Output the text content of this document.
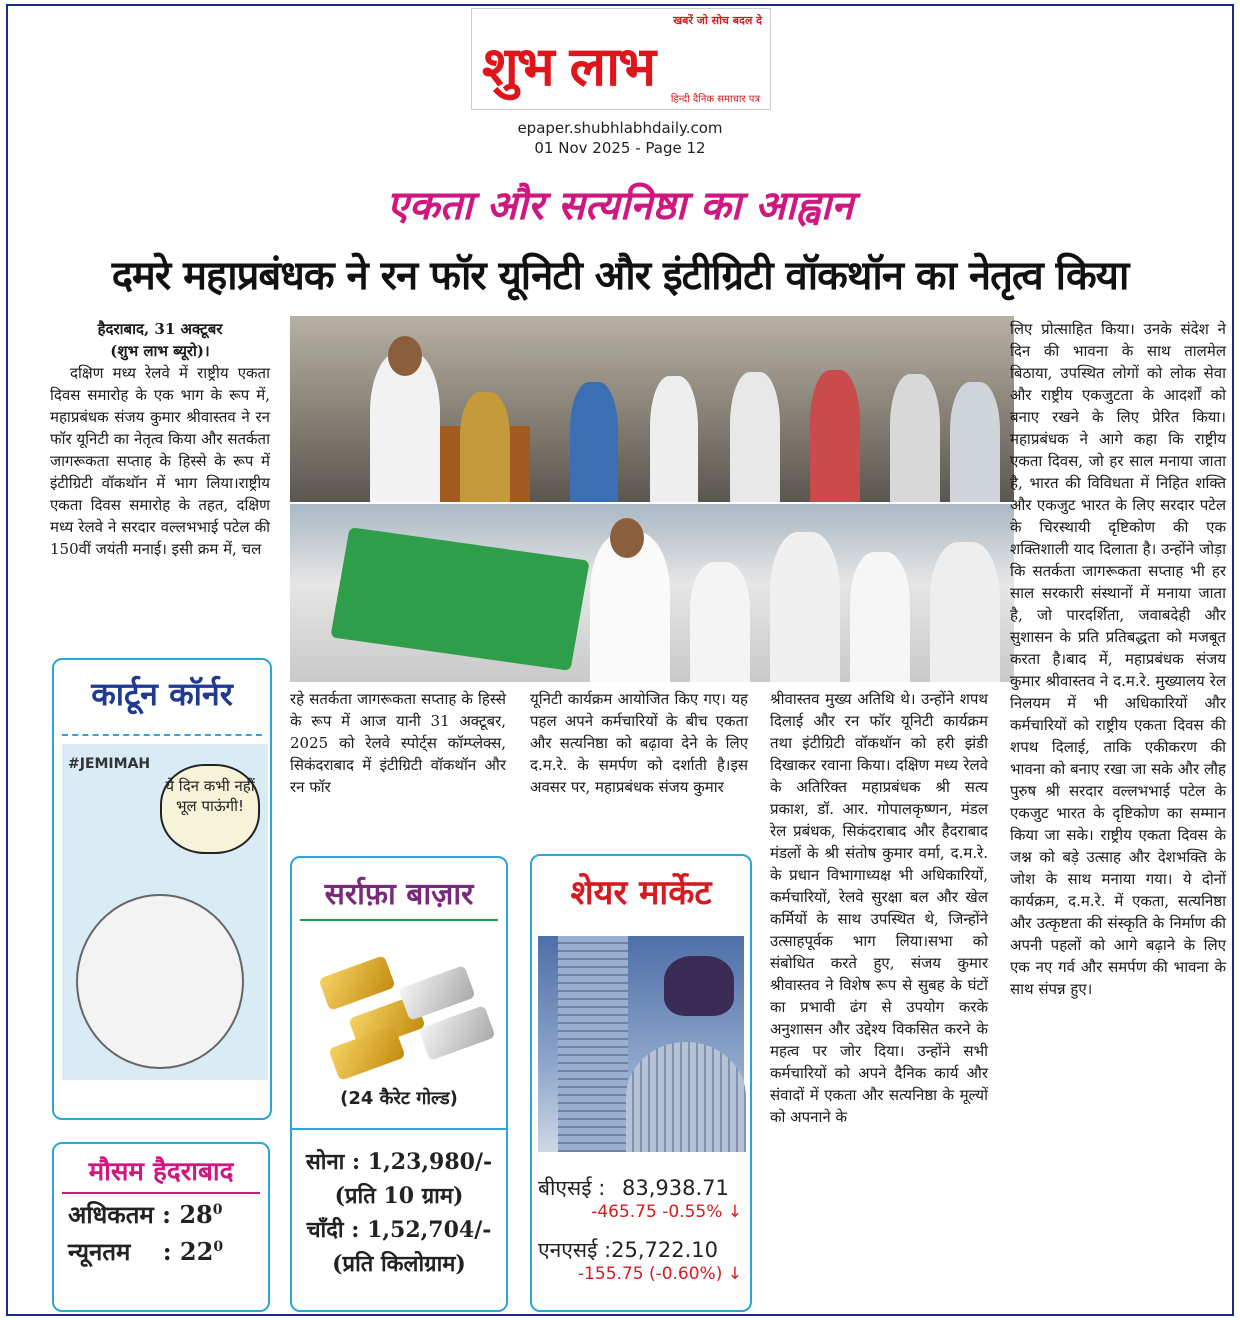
खबरें जो सोच बदल दे
शुभ लाभ
हिन्दी दैनिक समाचार पत्र
epaper.shubhlabhdaily.com
01 Nov 2025 - Page 12
एकता और सत्यनिष्ठा का आह्वान
दमरे महाप्रबंधक ने रन फॉर यूनिटी और इंटीग्रिटी वॉकथॉन का नेतृत्व किया
हैदराबाद, 31 अक्टूबर
(शुभ लाभ ब्यूरो)।
दक्षिण मध्य रेलवे में राष्ट्रीय एकता दिवस समारोह के एक भाग के रूप में, महाप्रबंधक संजय कुमार श्रीवास्तव ने रन फॉर यूनिटी का नेतृत्व किया और सतर्कता जागरूकता सप्ताह के हिस्से के रूप में इंटीग्रिटी वॉकथॉन में भाग लिया।राष्ट्रीय एकता दिवस समारोह के तहत, दक्षिण मध्य रेलवे ने सरदार वल्लभभाई पटेल की 150वीं जयंती मनाई। इसी क्रम में, चल
रहे सतर्कता जागरूकता सप्ताह के हिस्से के रूप में आज यानी 31 अक्टूबर, 2025 को रेलवे स्पोर्ट्स कॉम्प्लेक्स, सिकंदराबाद में इंटीग्रिटी वॉकथॉन और रन फॉर
यूनिटी कार्यक्रम आयोजित किए गए। यह पहल अपने कर्मचारियों के बीच एकता और सत्यनिष्ठा को बढ़ावा देने के लिए द.म.रे. के समर्पण को दर्शाती है।इस अवसर पर, महाप्रबंधक संजय कुमार
श्रीवास्तव मुख्य अतिथि थे। उन्होंने शपथ दिलाई और रन फॉर यूनिटी कार्यक्रम तथा इंटीग्रिटी वॉकथॉन को हरी झंडी दिखाकर रवाना किया। दक्षिण मध्य रेलवे के अतिरिक्त महाप्रबंधक श्री सत्य प्रकाश, डॉ. आर. गोपालकृष्णन, मंडल रेल प्रबंधक, सिकंदराबाद और हैदराबाद मंडलों के श्री संतोष कुमार वर्मा, द.म.रे. के प्रधान विभागाध्यक्ष भी अधिकारियों, कर्मचारियों, रेलवे सुरक्षा बल और खेल कर्मियों के साथ उपस्थित थे, जिन्होंने उत्साहपूर्वक भाग लिया।सभा को संबोधित करते हुए, संजय कुमार श्रीवास्तव ने विशेष रूप से सुबह के घंटों का प्रभावी ढंग से उपयोग करके अनुशासन और उद्देश्य विकसित करने के महत्व पर जोर दिया। उन्होंने सभी कर्मचारियों को अपने दैनिक कार्य और संवादों में एकता और सत्यनिष्ठा के मूल्यों को अपनाने के
लिए प्रोत्साहित किया। उनके संदेश ने दिन की भावना के साथ तालमेल बिठाया, उपस्थित लोगों को लोक सेवा और राष्ट्रीय एकजुटता के आदर्शों को बनाए रखने के लिए प्रेरित किया। महाप्रबंधक ने आगे कहा कि राष्ट्रीय एकता दिवस, जो हर साल मनाया जाता है, भारत की विविधता में निहित शक्ति और एकजुट भारत के लिए सरदार पटेल के चिरस्थायी दृष्टिकोण की एक शक्तिशाली याद दिलाता है। उन्होंने जोड़ा कि सतर्कता जागरूकता सप्ताह भी हर साल सरकारी संस्थानों में मनाया जाता है, जो पारदर्शिता, जवाबदेही और सुशासन के प्रति प्रतिबद्धता को मजबूत करता है।बाद में, महाप्रबंधक संजय कुमार श्रीवास्तव ने द.म.रे. मुख्यालय रेल निलयम में भी अधिकारियों और कर्मचारियों को राष्ट्रीय एकता दिवस की शपथ दिलाई, ताकि एकीकरण की भावना को बनाए रखा जा सके और लौह पुरुष श्री सरदार वल्लभभाई पटेल के एकजुट भारत के दृष्टिकोण का सम्मान किया जा सके। राष्ट्रीय एकता दिवस के जश्न को बड़े उत्साह और देशभक्ति के जोश के साथ मनाया गया। ये दोनों कार्यक्रम, द.म.रे. में एकता, सत्यनिष्ठा और उत्कृष्टता की संस्कृति के निर्माण की अपनी पहलों को आगे बढ़ाने के लिए एक नए गर्व और समर्पण की भावना के साथ संपन्न हुए।
कार्टून कॉर्नर
#JEMIMAH
ये दिन कभी नहीं भूल पाऊंगी!
मौसम हैदराबाद
अधिकतम : $28^0$
न्यूनतम : $22^0$
सर्राफ़ा बाज़ार
(24 कैरेट गोल्ड)
सोना : 1,23,980/-
(प्रति 10 ग्राम)
चाँदी : 1,52,704/-
(प्रति किलोग्राम)
शेयर मार्केट
बीएसई : 83,938.71
-465.75 -0.55% ↓
एनएसई :25,722.10
-155.75 (-0.60%) ↓
